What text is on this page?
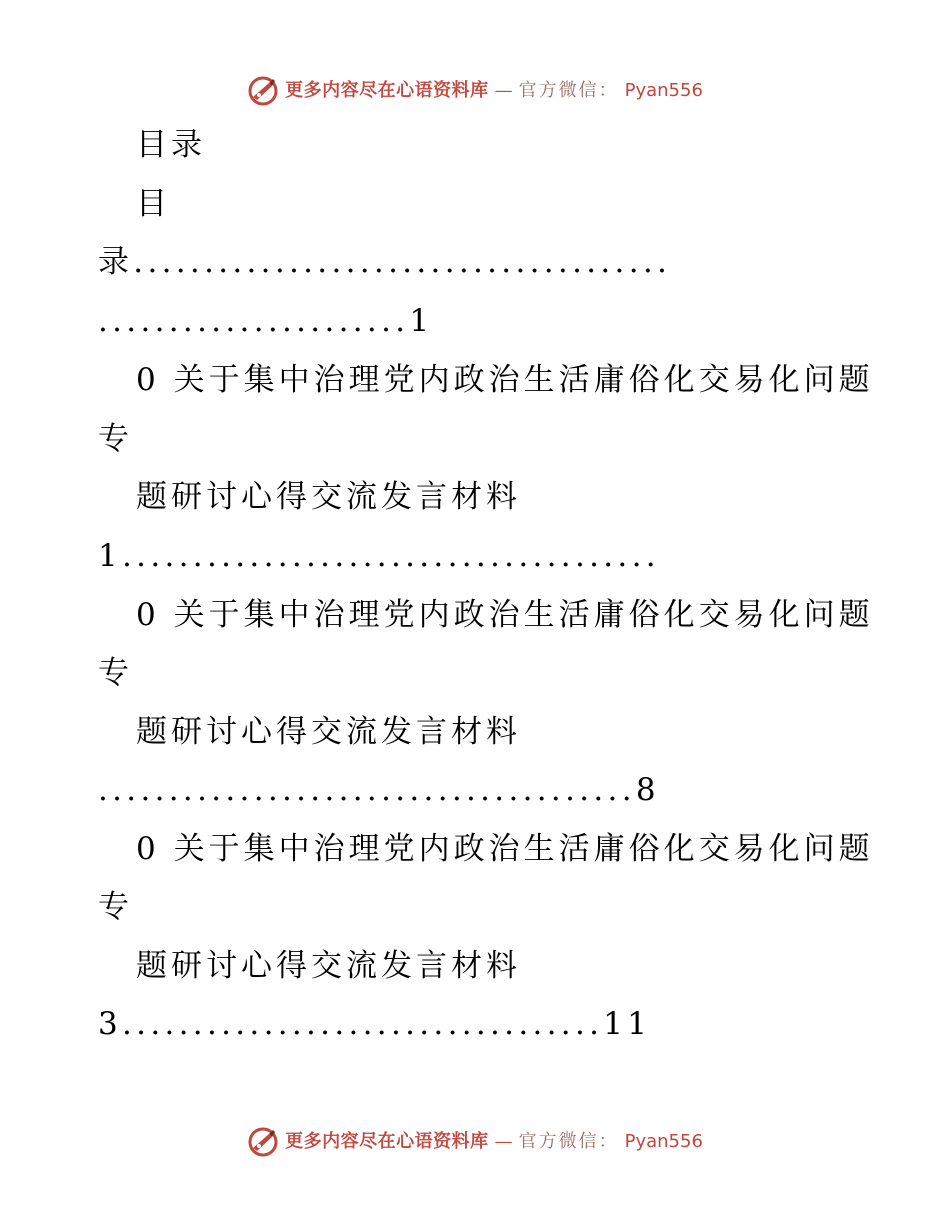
更多内容尽在心语资料库 — 官方微信： Pyan556
目录
目
录......................................
......................1
0 关于集中治理党内政治生活庸俗化交易化问题
专
题研讨心得交流发言材料
1......................................
0 关于集中治理党内政治生活庸俗化交易化问题
专
题研讨心得交流发言材料
......................................8
0 关于集中治理党内政治生活庸俗化交易化问题
专
题研讨心得交流发言材料
3..................................11
更多内容尽在心语资料库 — 官方微信： Pyan556
